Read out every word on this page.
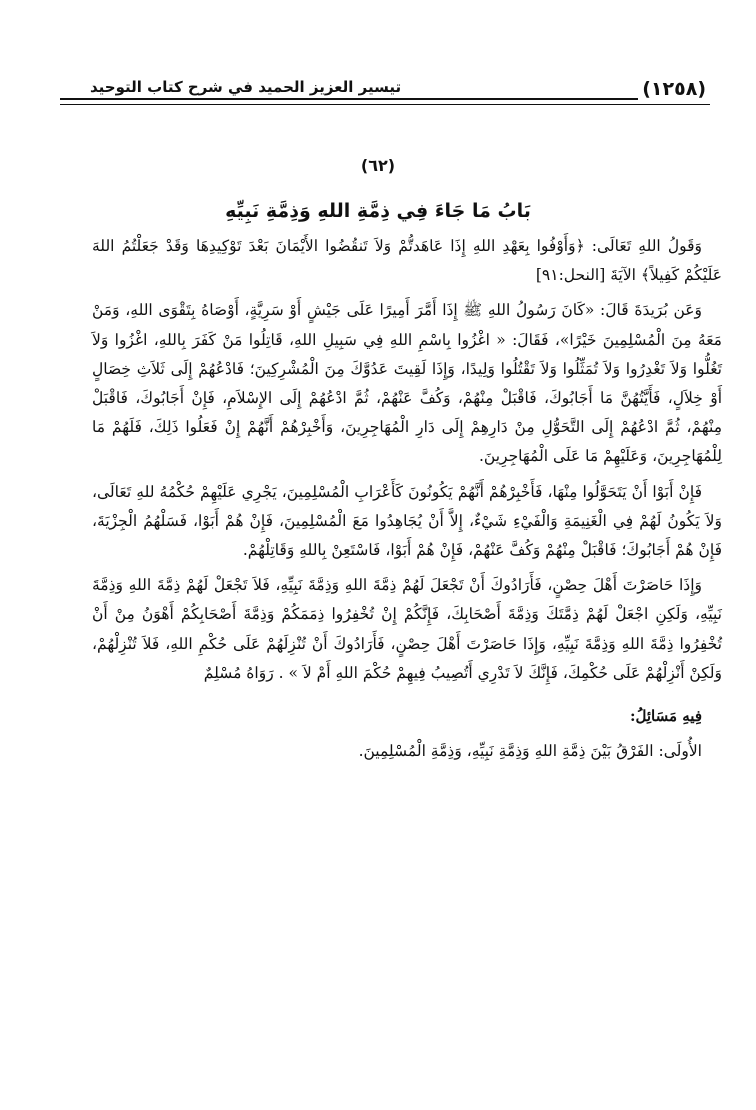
تيسير العزيز الحميد في شرح كتاب التوحيد	(١٢٥٨)
(٦٢)
بَابُ مَا جَاءَ فِي ذِمَّةِ اللهِ وَذِمَّةِ نَبِيِّهِ

وَقَولُ اللهِ تَعَالَى: ﴿وَأَوْفُوا بِعَهْدِ اللهِ إِذَا عَاهَدتُّمْ وَلاَ تَنقُضُوا الأَيْمَانَ بَعْدَ تَوْكِيدِهَا وَقَدْ جَعَلْتُمُ اللهَ عَلَيْكُمْ كَفِيلاً﴾ الآيَةَ [النحل:٩١]

وَعَن بُرَيدَةَ قَالَ: «كَانَ رَسُولُ اللهِ ﷺ إِذَا أَمَّرَ أَمِيرًا عَلَى جَيْشٍ أَوْ سَرِيَّةٍ، أَوْصَاهُ بِتَقْوَى اللهِ، وَمَنْ مَعَهُ مِنَ الْمُسْلِمِينَ خَيْرًا»، فَقَالَ: « اغْزُوا بِاسْمِ اللهِ فِي سَبِيلِ اللهِ، قَاتِلُوا مَنْ كَفَرَ بِاللهِ، اغْزُوا وَلاَ تَغُلُّوا وَلاَ تَغْدِرُوا وَلاَ تُمَثِّلُوا وَلاَ تَقْتُلُوا وَلِيدًا، وَإِذَا لَقِيتَ عَدُوَّكَ مِنَ الْمُشْرِكِينَ؛ فَادْعُهُمْ إِلَى ثَلاَثِ خِصَالٍ أَوْ خِلاَلٍ، فَأَيَّتُهُنَّ مَا أَجَابُوكَ، فَاقْبَلْ مِنْهُمْ، وَكُفَّ عَنْهُمْ، ثُمَّ ادْعُهُمْ إِلَى الإِسْلاَمِ، فَإِنْ أَجَابُوكَ، فَاقْبَلْ مِنْهُمْ، ثُمَّ ادْعُهُمْ إِلَى التَّحَوُّلِ مِنْ دَارِهِمْ إِلَى دَارِ الْمُهَاجِرِينَ، وَأَخْبِرْهُمْ أَنَّهُمْ إِنْ فَعَلُوا ذَلِكَ، فَلَهُمْ مَا لِلْمُهَاجِرِينَ، وَعَلَيْهِمْ مَا عَلَى الْمُهَاجِرِينَ.

فَإِنْ أَبَوْا أَنْ يَتَحَوَّلُوا مِنْهَا، فَأَخْبِرْهُمْ أَنَّهُمْ يَكُونُونَ كَأَعْرَابِ الْمُسْلِمِينَ، يَجْرِي عَلَيْهِمْ حُكْمُهُ للهِ تَعَالَى، وَلاَ يَكُونُ لَهُمْ فِي الْغَنِيمَةِ وَالْفَيْءِ شَيْءٌ، إِلاَّ أَنْ يُجَاهِدُوا مَعَ الْمُسْلِمِينَ، فَإِنْ هُمْ أَبَوْا، فَسَلْهُمُ الْجِزْيَةَ، فَإِنْ هُمْ أَجَابُوكَ؛ فَاقْبَلْ مِنْهُمْ وَكُفَّ عَنْهُمْ، فَإِنْ هُمْ أَبَوْا، فَاسْتَعِنْ بِاللهِ وَقَاتِلْهُمْ.

وَإِذَا حَاصَرْتَ أَهْلَ حِصْنٍ، فَأَرَادُوكَ أَنْ تَجْعَلَ لَهُمْ ذِمَّةَ اللهِ وَذِمَّةَ نَبِيِّهِ، فَلاَ تَجْعَلْ لَهُمْ ذِمَّةَ اللهِ وَذِمَّةَ نَبِيِّهِ، وَلَكِنِ اجْعَلْ لَهُمْ ذِمَّتَكَ وَذِمَّةَ أَصْحَابِكَ، فَإِنَّكُمْ إِنْ تُخْفِرُوا ذِمَمَكُمْ وَذِمَّةَ أَصْحَابِكُمْ أَهْوَنُ مِنْ أَنْ تُخْفِرُوا ذِمَّةَ اللهِ وَذِمَّةَ نَبِيِّهِ، وَإِذَا حَاصَرْتَ أَهْلَ حِصْنٍ، فَأَرَادُوكَ أَنْ تُنْزِلَهُمْ عَلَى حُكْمِ اللهِ، فَلاَ تُنْزِلْهُمْ، وَلَكِنْ أَنْزِلْهُمْ عَلَى حُكْمِكَ، فَإِنَّكَ لاَ تَدْرِي أَتُصِيبُ فِيهِمْ حُكْمَ اللهِ أَمْ لاَ » . رَوَاهُ مُسْلِمٌ

فِيهِ مَسَائِلُ:

الأُولَى: الفَرْقُ بَيْنَ ذِمَّةِ اللهِ وَذِمَّةِ نَبِيِّهِ، وَذِمَّةِ الْمُسْلِمِينَ.
